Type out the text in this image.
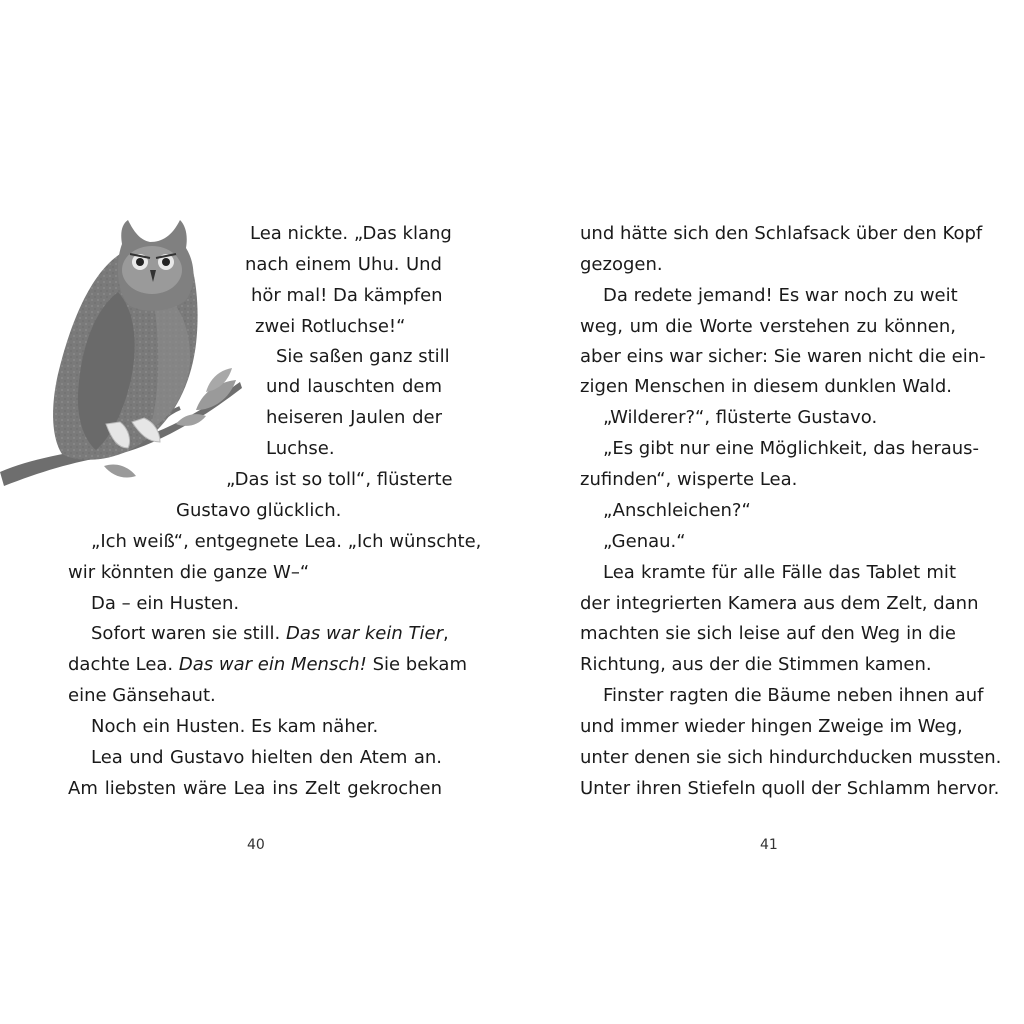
Lea nickte. „Das klang
nach einem Uhu. Und
hör mal! Da kämpfen
zwei Rotluchse!“
Sie saßen ganz still
und lauschten dem
heiseren Jaulen der
Luchse.
„Das ist so toll“, flüsterte
Gustavo glücklich.
„Ich weiß“, entgegnete Lea. „Ich wünschte,
wir könnten die ganze W–“
Da – ein Husten.
Sofort waren sie still. Das war kein Tier,
dachte Lea. Das war ein Mensch! Sie bekam
eine Gänsehaut.
Noch ein Husten. Es kam näher.
Lea und Gustavo hielten den Atem an.
Am liebsten wäre Lea ins Zelt gekrochen
40
und hätte sich den Schlafsack über den Kopf
gezogen.
Da redete jemand! Es war noch zu weit
weg, um die Worte verstehen zu können,
aber eins war sicher: Sie waren nicht die ein-
zigen Menschen in diesem dunklen Wald.
„Wilderer?“, flüsterte Gustavo.
„Es gibt nur eine Möglichkeit, das heraus-
zufinden“, wisperte Lea.
„Anschleichen?“
„Genau.“
Lea kramte für alle Fälle das Tablet mit
der integrierten Kamera aus dem Zelt, dann
machten sie sich leise auf den Weg in die
Richtung, aus der die Stimmen kamen.
Finster ragten die Bäume neben ihnen auf
und immer wieder hingen Zweige im Weg,
unter denen sie sich hindurchducken mussten.
Unter ihren Stiefeln quoll der Schlamm hervor.
41
